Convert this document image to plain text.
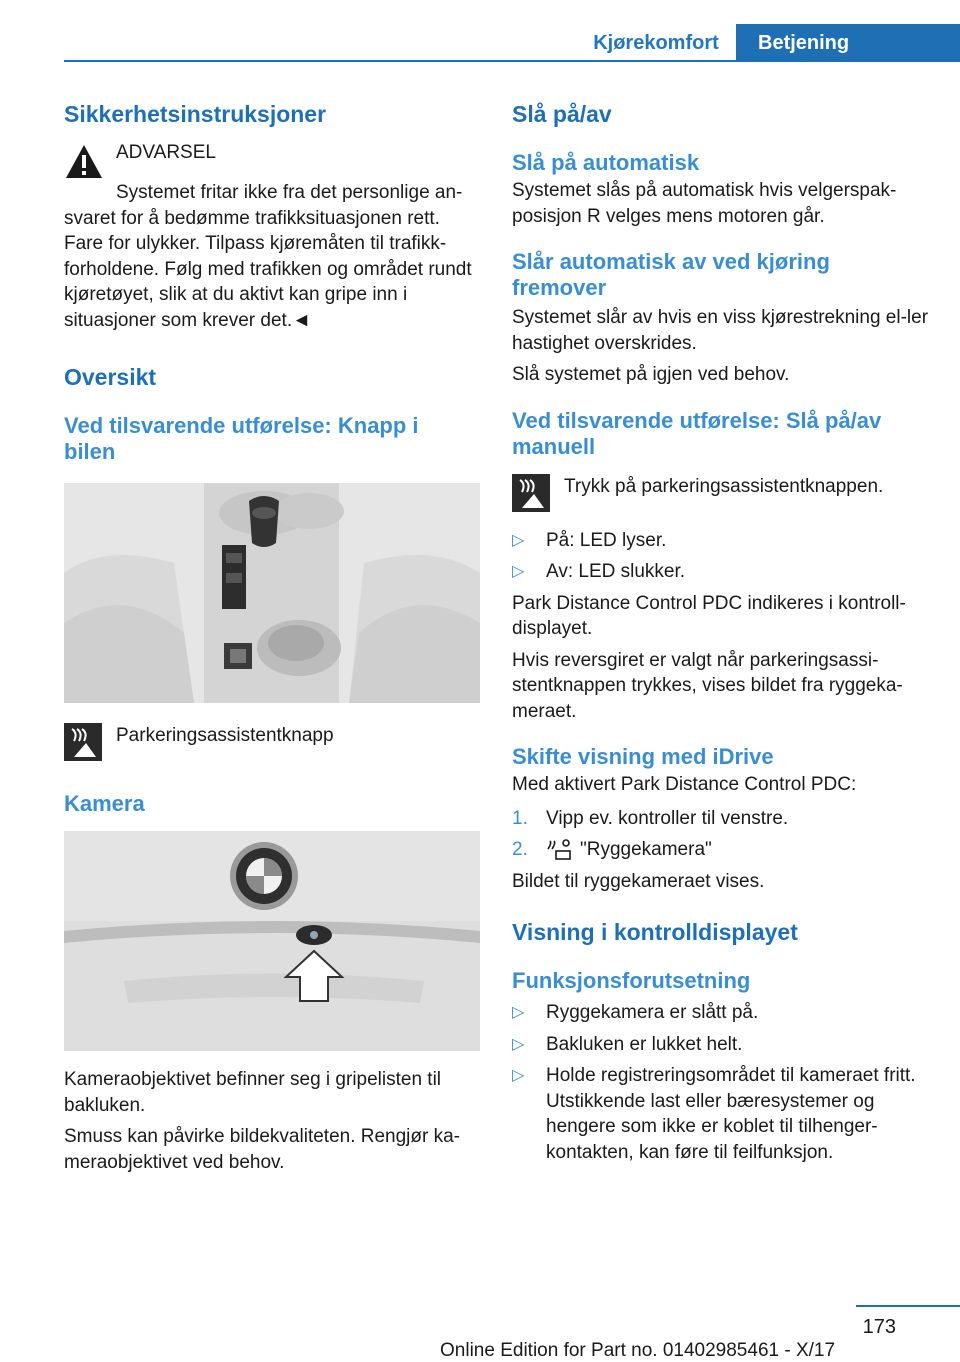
Kjørekomfort	Betjening
Sikkerhetsinstruksjoner

ADVARSEL

Systemet fritar ikke fra det personlige an-svaret for å bedømme trafikksituasjonen rett. Fare for ulykker. Tilpass kjøremåten til trafikk-forholdene. Følg med trafikken og området rundt kjøretøyet, slik at du aktivt kan gripe inn i situasjoner som krever det.◄

Oversikt
Ved tilsvarende utførelse: Knapp i bilen

Parkeringsassistentknapp

Kamera

Kameraobjektivet befinner seg i gripelisten til bakluken.

Smuss kan påvirke bildekvaliteten. Rengjør ka-meraobjektivet ved behov.

Slå på/av
Slå på automatisk

Systemet slås på automatisk hvis velgerspak-posisjon R velges mens motoren går.

Slår automatisk av ved kjøring fremover

Systemet slår av hvis en viss kjørestrekning el-ler hastighet overskrides.

Slå systemet på igjen ved behov.

Ved tilsvarende utførelse: Slå på/av manuell

Trykk på parkeringsassistentknappen.

▷	På: LED lyser.
▷	Av: LED slukker.

Park Distance Control PDC indikeres i kontroll-displayet.

Hvis reversgiret er valgt når parkeringsassi-stentknappen trykkes, vises bildet fra ryggeka-meraet.

Skifte visning med iDrive

Med aktivert Park Distance Control PDC:

1. Vipp ev. kontroller til venstre.
2.	"Ryggekamera"

Bildet til ryggekameraet vises.

Visning i kontrolldisplayet
Funksjonsforutsetning
▷	Ryggekamera er slått på.
▷	Bakluken er lukket helt.
▷	Holde registreringsområdet til kameraet fritt. Utstikkende last eller bæresystemer og hengere som ikke er koblet til tilhenger-kontakten, kan føre til feilfunksjon.
173
Online Edition for Part no. 01402985461 - X/17
